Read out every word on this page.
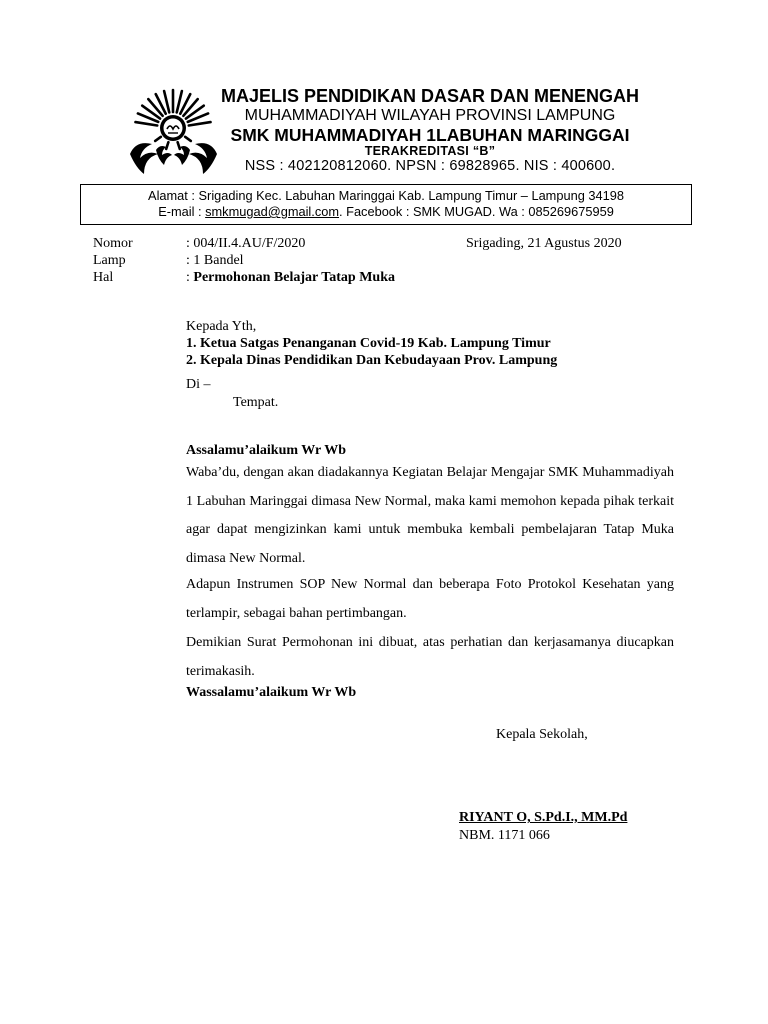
MAJELIS PENDIDIKAN DASAR DAN MENENGAH
MUHAMMADIYAH WILAYAH PROVINSI LAMPUNG
SMK MUHAMMADIYAH 1LABUHAN MARINGGAI
TERAKREDITASI “B”
NSS : 402120812060. NPSN : 69828965. NIS : 400600.
Alamat : Srigading Kec. Labuhan Maringgai Kab. Lampung Timur – Lampung 34198
E-mail : smkmugad@gmail.com. Facebook : SMK MUGAD. Wa : 085269675959
Nomor	: 004/II.4.AU/F/2020	Srigading, 21 Agustus 2020
Lamp	: 1 Bandel
Hal	: Permohonan Belajar Tatap Muka
Kepada Yth,
1. Ketua Satgas Penanganan Covid-19 Kab. Lampung Timur
2. Kepala Dinas Pendidikan Dan Kebudayaan Prov. Lampung
Di –
Tempat.
Assalamu’alaikum Wr Wb
Waba’du, dengan akan diadakannya Kegiatan Belajar Mengajar SMK Muhammadiyah 1 Labuhan Maringgai dimasa New Normal, maka kami memohon kepada pihak terkait agar dapat mengizinkan kami untuk membuka kembali pembelajaran Tatap Muka dimasa New Normal.
Adapun Instrumen SOP New Normal dan beberapa Foto Protokol Kesehatan yang terlampir, sebagai bahan pertimbangan.
Demikian Surat Permohonan ini dibuat, atas perhatian dan kerjasamanya diucapkan terimakasih.
Wassalamu’alaikum Wr Wb
Kepala Sekolah,
RIYANT O, S.Pd.I., MM.Pd
NBM. 1171 066
